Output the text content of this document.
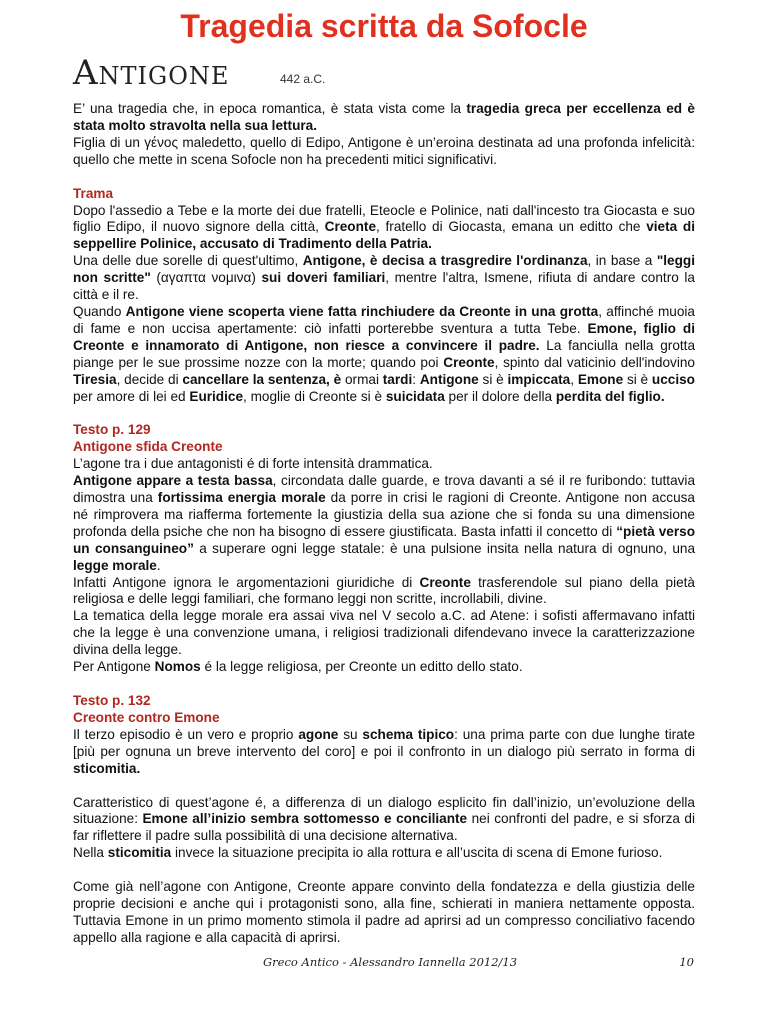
Tragedia scritta da Sofocle
Antigone	442 a.C.

E’ una tragedia che, in epoca romantica, è stata vista come la tragedia greca per eccellenza ed è stata molto stravolta nella sua lettura.

Figlia di un γένος maledetto, quello di Edipo, Antigone è un’eroina destinata ad una profonda infelicità: quello che mette in scena Sofocle non ha precedenti mitici significativi.

Trama

Dopo l'assedio a Tebe e la morte dei due fratelli, Eteocle e Polinice, nati dall'incesto tra Giocasta e suo figlio Edipo, il nuovo signore della città, Creonte, fratello di Giocasta, emana un editto che vieta di seppellire Polinice, accusato di Tradimento della Patria.

Una delle due sorelle di quest'ultimo, Antigone, è decisa a trasgredire l'ordinanza, in base a "leggi non scritte" (αγαπτα νομινα) sui doveri familiari, mentre l'altra, Ismene, rifiuta di andare contro la città e il re.

Quando Antigone viene scoperta viene fatta rinchiudere da Creonte in una grotta, affinché muoia di fame e non uccisa apertamente: ciò infatti porterebbe sventura a tutta Tebe. Emone, figlio di Creonte e innamorato di Antigone, non riesce a convincere il padre. La fanciulla nella grotta piange per le sue prossime nozze con la morte; quando poi Creonte, spinto dal vaticinio dell'indovino Tiresia, decide di cancellare la sentenza, è ormai tardi: Antigone si è impiccata, Emone si è ucciso per amore di lei ed Euridice, moglie di Creonte si è suicidata per il dolore della perdita del figlio.

Testo p. 129

Antigone sfida Creonte

L’agone tra i due antagonisti é di forte intensità drammatica.

Antigone appare a testa bassa, circondata dalle guarde, e trova davanti a sé il re furibondo: tuttavia dimostra una fortissima energia morale da porre in crisi le ragioni di Creonte. Antigone non accusa né rimprovera ma riafferma fortemente la giustizia della sua azione che si fonda su una dimensione profonda della psiche che non ha bisogno di essere giustificata. Basta infatti il concetto di “pietà verso un consanguineo” a superare ogni legge statale: è una pulsione insita nella natura di ognuno, una legge morale.

Infatti Antigone ignora le argomentazioni giuridiche di Creonte trasferendole sul piano della pietà religiosa e delle leggi familiari, che formano leggi non scritte, incrollabili, divine.

La tematica della legge morale era assai viva nel V secolo a.C. ad Atene: i sofisti affermavano infatti che la legge è una convenzione umana, i religiosi tradizionali difendevano invece la caratterizzazione divina della legge.

Per Antigone Nomos é la legge religiosa, per Creonte un editto dello stato.

Testo p. 132

Creonte contro Emone

Il terzo episodio è un vero e proprio agone su schema tipico: una prima parte con due lunghe tirate [più per ognuna un breve intervento del coro] e poi il confronto in un dialogo più serrato in forma di sticomitia.

Caratteristico di quest’agone é, a differenza di un dialogo esplicito fin dall’inizio, un’evoluzione della situazione: Emone all’inizio sembra sottomesso e conciliante nei confronti del padre, e si sforza di far riflettere il padre sulla possibilità di una decisione alternativa.

Nella sticomitia invece la situazione precipita io alla rottura e all’uscita di scena di Emone furioso.

Come già nell’agone con Antigone, Creonte appare convinto della fondatezza e della giustizia delle proprie decisioni e anche qui i protagonisti sono, alla fine, schierati in maniera nettamente opposta. Tuttavia Emone in un primo momento stimola il padre ad aprirsi ad un compresso conciliativo facendo appello alla ragione e alla capacità di aprirsi.

Greco Antico - Alessandro Iannella 2012/13	10
